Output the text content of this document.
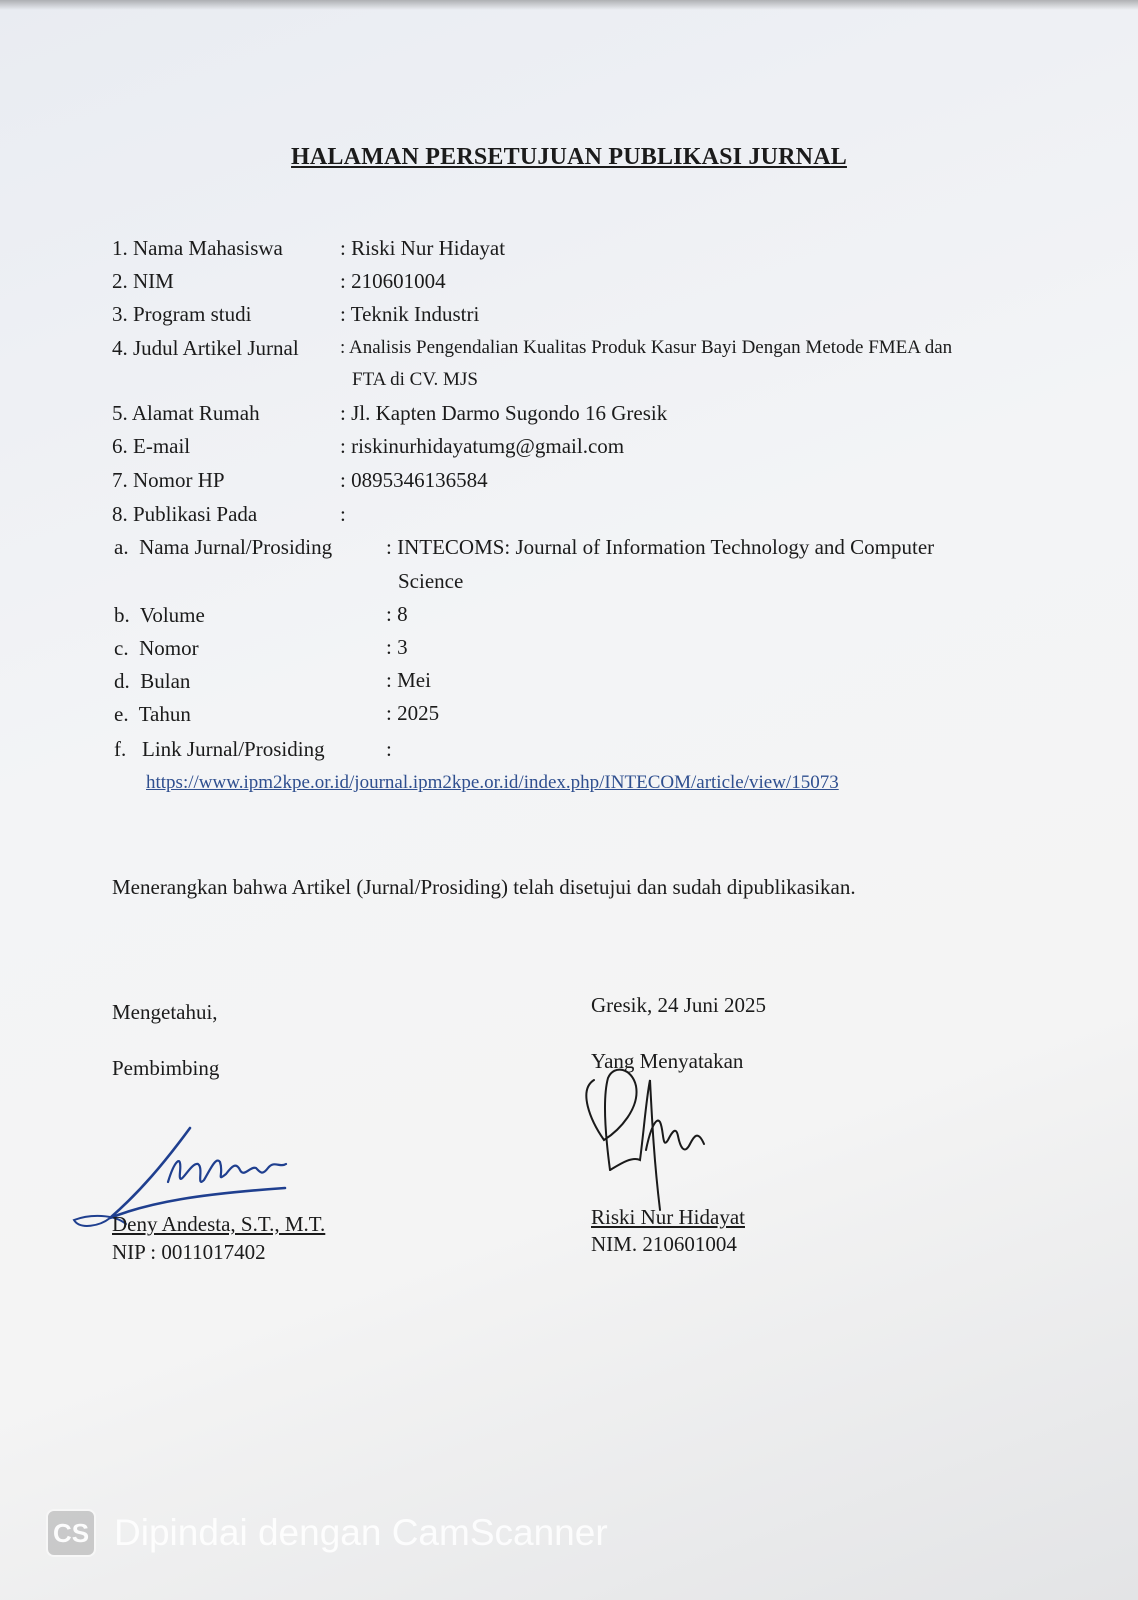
HALAMAN PERSETUJUAN PUBLIKASI JURNAL
1. Nama Mahasiswa	: Riski Nur Hidayat
2. NIM	: 210601004
3. Program studi	: Teknik Industri
4. Judul Artikel Jurnal : Analisis Pengendalian Kualitas Produk Kasur Bayi Dengan Metode FMEA dan
FTA di CV. MJS
5. Alamat Rumah	: Jl. Kapten Darmo Sugondo 16 Gresik
6. E-mail	: riskinurhidayatumg@gmail.com
7. Nomor HP	: 0895346136584
8. Publikasi Pada	:
a.  Nama Jurnal/Prosiding	: INTECOMS: Journal of Information Technology and Computer
Science
b.  Volume	: 8
c.  Nomor	: 3
d.  Bulan	: Mei
e.  Tahun	: 2025
f.   Link Jurnal/Prosiding	:
https://www.ipm2kpe.or.id/journal.ipm2kpe.or.id/index.php/INTECOM/article/view/15073
Menerangkan bahwa Artikel (Jurnal/Prosiding) telah disetujui dan sudah dipublikasikan.
Mengetahui,
Pembimbing
Deny Andesta, S.T., M.T.
NIP : 0011017402
Gresik, 24 Juni 2025
Yang Menyatakan
Riski Nur Hidayat
NIM. 210601004
CS Dipindai dengan CamScanner
